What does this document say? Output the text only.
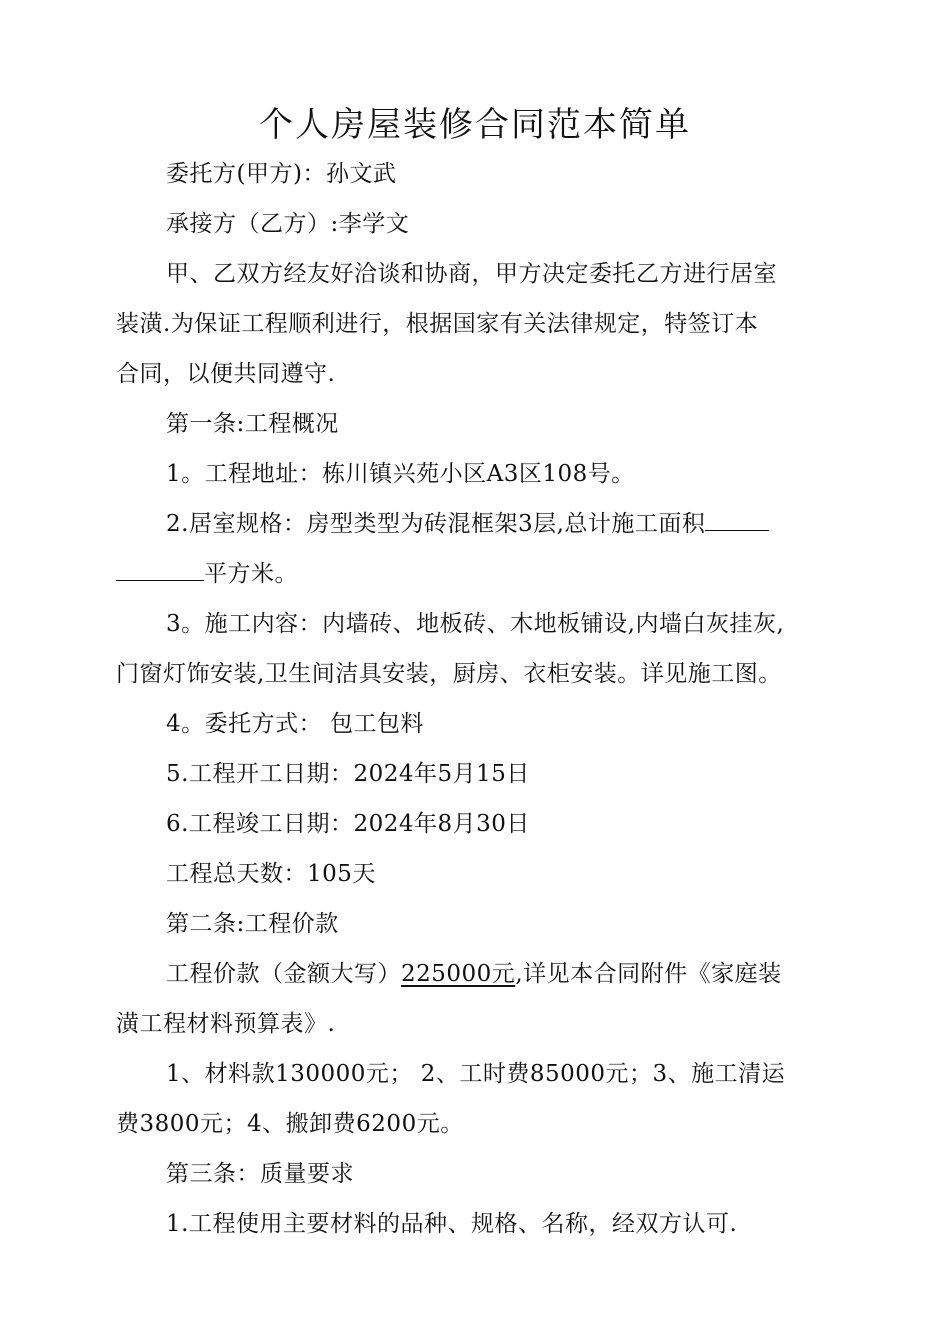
个人房屋装修合同范本简单

委托方(甲方)：孙文武

承接方（乙方）:李学文

甲、乙双方经友好洽谈和协商，甲方决定委托乙方进行居室

装潢.为保证工程顺利进行，根据国家有关法律规定，特签订本

合同，以便共同遵守.

第一条:工程概况

1。工程地址：栋川镇兴苑小区A3区108号。

2.居室规格：房型类型为砖混框架3层,总计施工面积

平方米。

3。施工内容：内墙砖、地板砖、木地板铺设,内墙白灰挂灰,

门窗灯饰安装,卫生间洁具安装，厨房、衣柜安装。详见施工图。

4。委托方式： 包工包料

5.工程开工日期：2024年5月15日

6.工程竣工日期：2024年8月30日

工程总天数：105天

第二条:工程价款

工程价款（金额大写）225000元,详见本合同附件《家庭装

潢工程材料预算表》.

1、材料款130000元； 2、工时费85000元；3、施工清运

费3800元；4、搬卸费6200元。

第三条：质量要求

1.工程使用主要材料的品种、规格、名称，经双方认可.
